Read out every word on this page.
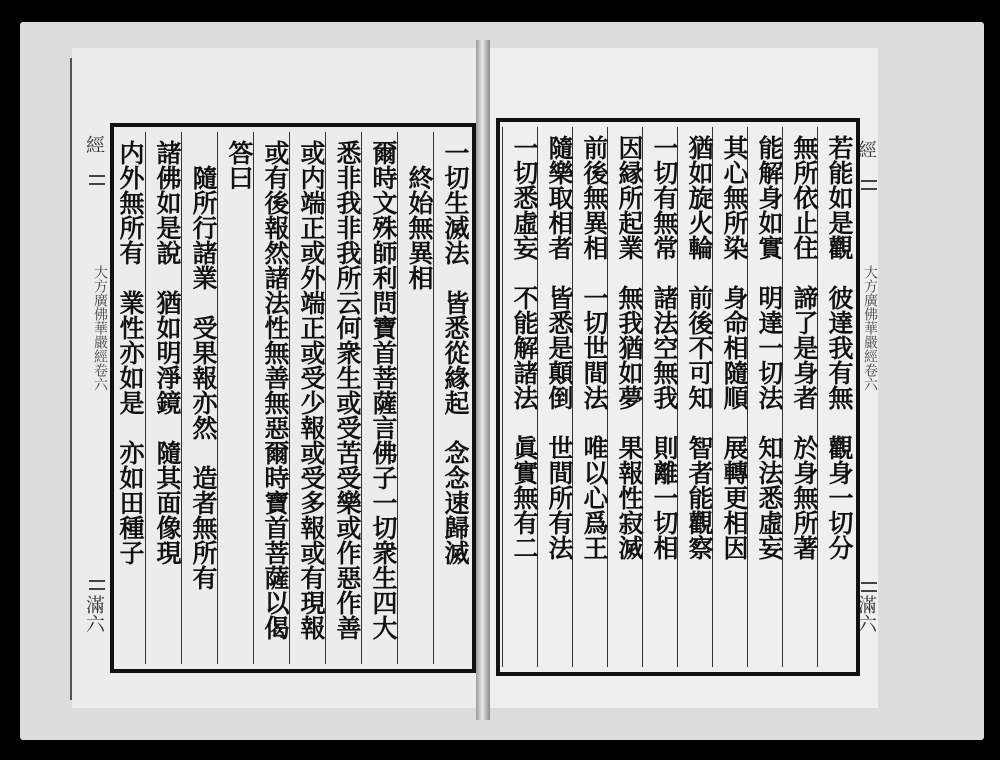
經
大方廣佛華嚴經卷六
滿六
經
大方廣佛華嚴經卷六
滿六
一切生滅法　皆悉從緣起　念念速歸滅
　終始無異相
爾時文殊師利問寶首菩薩言佛子一切衆生四大
悉非我非我所云何衆生或受苦受樂或作惡作善
或内端正或外端正或受少報或受多報或有現報
或有後報然諸法性無善無惡爾時寶首菩薩以偈
答曰
　隨所行諸業　受果報亦然　造者無所有
諸佛如是說　猶如明淨鏡　隨其面像現
内外無所有　業性亦如是　亦如田種子	若能如是觀　彼達我有無　觀身一切分
無所依止住　諦了是身者　於身無所著
能解身如實　明達一切法　知法悉虛妄
其心無所染　身命相隨順　展轉更相因
猶如旋火輪　前後不可知　智者能觀察
一切有無常　諸法空無我　則離一切相
因縁所起業　無我猶如夢　果報性寂滅
前後無異相　一切世間法　唯以心爲王
隨樂取相者　皆悉是顛倒　世間所有法
一切悉虛妄　不能解諸法　眞實無有二
